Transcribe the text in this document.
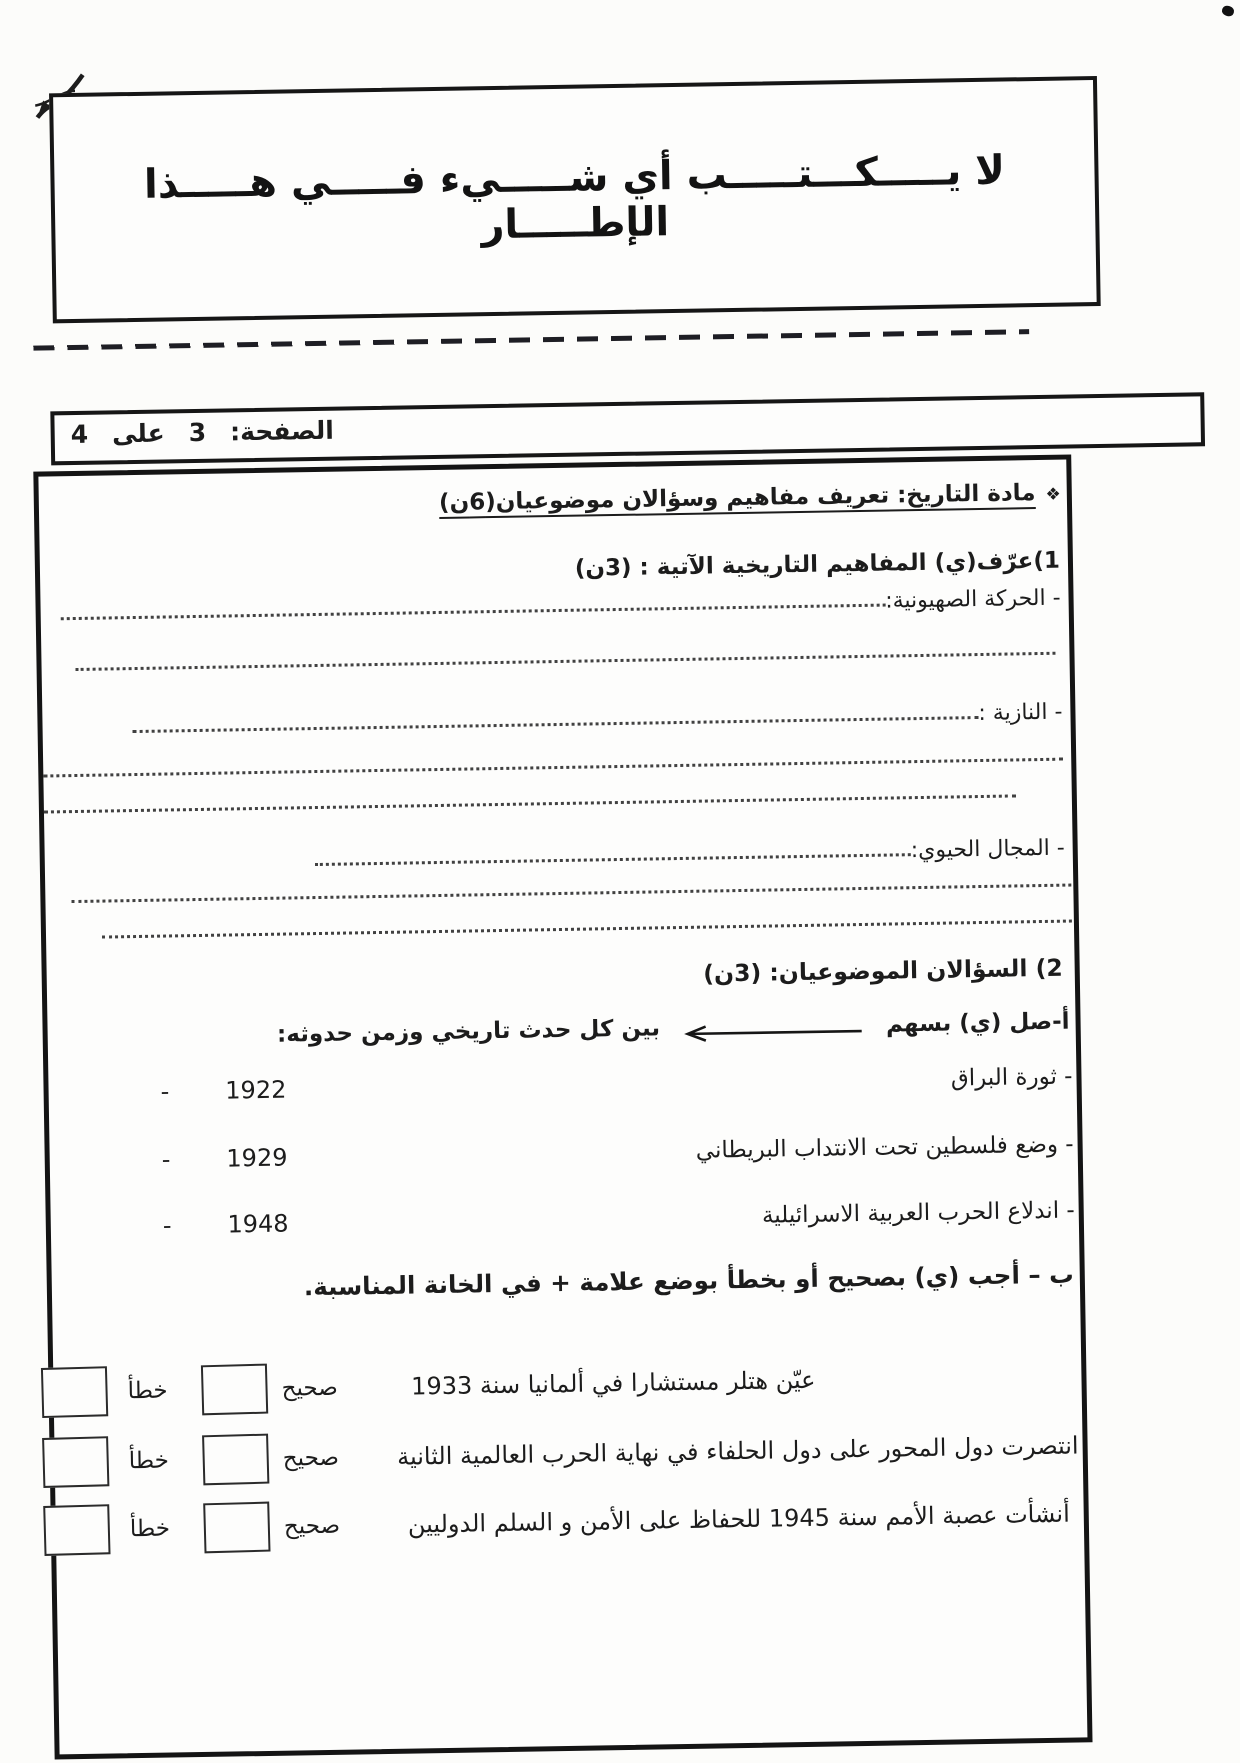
لا يـــــكـــتـــــب أي شـــــيء فـــــي هـــــذا الإطـــــار
الصفحة:
3
على
4
❖
مادة التاريخ: تعريف مفاهيم وسؤالان موضوعيان(6ن)
1)عرّف(ي) المفاهيم التاريخية الآتية : (3ن)
- الحركة الصهيونية:
- النازية :
- المجال الحيوي:
2) السؤالان الموضوعيان: (3ن)
أ-صل (ي) بسهم
بين كل حدث تاريخي وزمن حدوثه:
- ثورة البراق
- 1922
- وضع فلسطين تحت الانتداب البريطاني
- 1929
- اندلاع الحرب العربية الاسرائيلية
- 1948
ب – أجب (ي) بصحيح أو بخطأ بوضع علامة + في الخانة المناسبة.
خطأ	صحيح	عيّن هتلر مستشارا في ألمانيا سنة 1933
خطأ	صحيح	انتصرت دول المحور على دول الحلفاء في نهاية الحرب العالمية الثانية
خطأ	صحيح	أنشأت عصبة الأمم سنة 1945 للحفاظ على الأمن و السلم الدوليين
